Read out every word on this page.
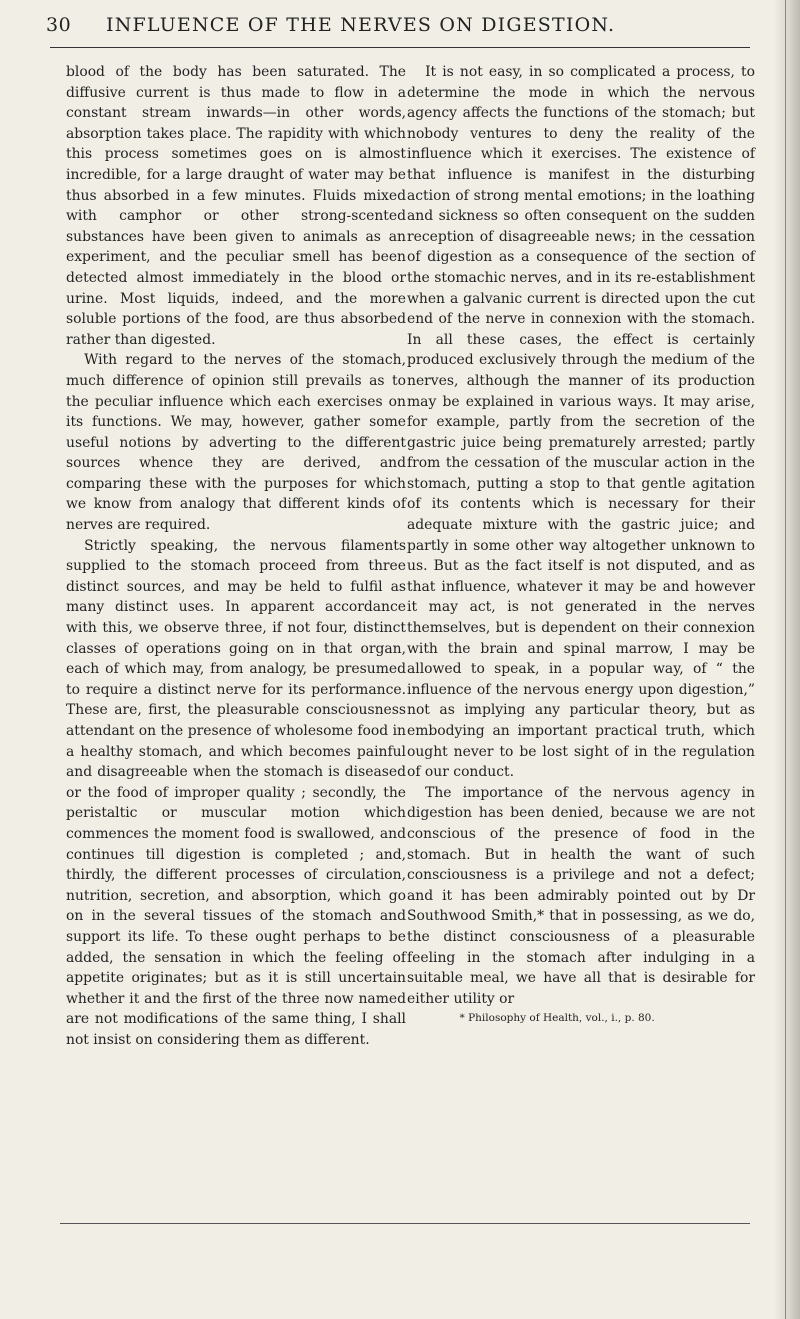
30 INFLUENCE OF THE NERVES ON DIGESTION.

blood of the body has been saturated. The diffusive current is thus made to flow in a constant stream inwards—in other words, absorption takes place. The rapidity with which this process sometimes goes on is almost incredible, for a large draught of water may be thus absorbed in a few minutes. Fluids mixed with camphor or other strong-scented substances have been given to animals as an experiment, and the peculiar smell has been detected almost immediately in the blood or urine. Most liquids, indeed, and the more soluble portions of the food, are thus absorbed rather than digested.

With regard to the nerves of the stomach, much difference of opinion still prevails as to the peculiar influence which each exercises on its functions. We may, however, gather some useful notions by adverting to the different sources whence they are derived, and comparing these with the purposes for which we know from analogy that different kinds of nerves are required.

Strictly speaking, the nervous filaments supplied to the stomach proceed from three distinct sources, and may be held to fulfil as many distinct uses. In apparent accordance with this, we observe three, if not four, distinct classes of operations going on in that organ, each of which may, from analogy, be presumed to require a distinct nerve for its performance. These are, first, the pleasurable consciousness attendant on the presence of wholesome food in a healthy stomach, and which becomes painful and disagreeable when the stomach is diseased or the food of improper quality ; secondly, the peristaltic or muscular motion which commences the moment food is swallowed, and continues till digestion is completed ; and, thirdly, the different processes of circulation, nutrition, secretion, and absorption, which go on in the several tissues of the stomach and support its life. To these ought perhaps to be added, the sensation in which the feeling of appetite originates; but as it is still uncertain whether it and the first of the three now named are not modifications of the same thing, I shall not insist on considering them as different.

It is not easy, in so complicated a process, to determine the mode in which the nervous agency affects the functions of the stomach; but nobody ventures to deny the reality of the influence which it exercises. The existence of that influence is manifest in the disturbing action of strong mental emotions; in the loathing and sickness so often consequent on the sudden reception of disagreeable news; in the cessation of digestion as a consequence of the section of the stomachic nerves, and in its re-establishment when a galvanic current is directed upon the cut end of the nerve in connexion with the stomach. In all these cases, the effect is certainly produced exclusively through the medium of the nerves, although the manner of its production may be explained in various ways. It may arise, for example, partly from the secretion of the gastric juice being prematurely arrested; partly from the cessation of the muscular action in the stomach, putting a stop to that gentle agitation of its contents which is necessary for their adequate mixture with the gastric juice; and partly in some other way altogether unknown to us. But as the fact itself is not disputed, and as that influence, whatever it may be and however it may act, is not generated in the nerves themselves, but is dependent on their connexion with the brain and spinal marrow, I may be allowed to speak, in a popular way, of “ the influence of the nervous energy upon digestion,” not as implying any particular theory, but as embodying an important practical truth, which ought never to be lost sight of in the regulation of our conduct.

The importance of the nervous agency in digestion has been denied, because we are not conscious of the presence of food in the stomach. But in health the want of such consciousness is a privilege and not a defect; and it has been admirably pointed out by Dr Southwood Smith,* that in possessing, as we do, the distinct consciousness of a pleasurable feeling in the stomach after indulging in a suitable meal, we have all that is desirable for either utility or

* Philosophy of Health, vol., i., p. 80.
